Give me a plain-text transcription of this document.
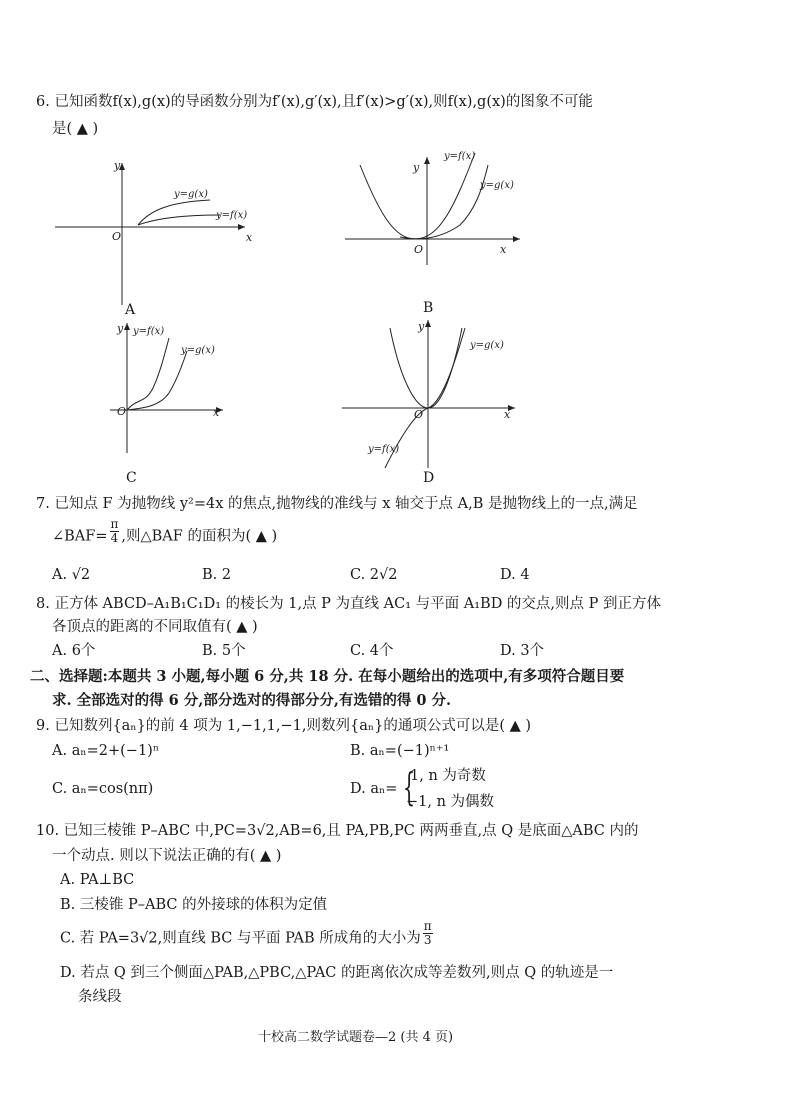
6. 已知函数f(x),g(x)的导函数分别为f′(x),g′(x),且f′(x)>g′(x),则f(x),g(x)的图象不可能
是( ▲ )
y
x
O
y=g(x)
y=f(x)
A
y
x
O
y=f(x)
y=g(x)
B
y
x
O
y=f(x)
y=g(x)
C
y
x
O
y=g(x)
y=f(x)
D
7. 已知点 F 为抛物线 y²=4x 的焦点,抛物线的准线与 x 轴交于点 A,B 是抛物线上的一点,满足
∠BAF= $\frac{\pi}{4}$ ,则△BAF 的面积为( ▲ )
A. √2	B. 2	C. 2√2	D. 4
8. 正方体 ABCD–A₁B₁C₁D₁ 的棱长为 1,点 P 为直线 AC₁ 与平面 A₁BD 的交点,则点 P 到正方体
各顶点的距离的不同取值有( ▲ )
A. 6个	B. 5个	C. 4个	D. 3个
二、选择题:本题共 3 小题,每小题 6 分,共 18 分. 在每小题给出的选项中,有多项符合题目要
求. 全部选对的得 6 分,部分选对的得部分分,有选错的得 0 分.
9. 已知数列{aₙ}的前 4 项为 1,−1,1,−1,则数列{aₙ}的通项公式可以是( ▲ )
A. aₙ=2+(−1)ⁿ	B. aₙ=(−1)ⁿ⁺¹
C. aₙ=cos(nπ)	D. aₙ= {
1, n 为奇数
−1, n 为偶数
10. 已知三棱锥 P–ABC 中,PC=3√2,AB=6,且 PA,PB,PC 两两垂直,点 Q 是底面△ABC 内的
一个动点. 则以下说法正确的有( ▲ )
A. PA⊥BC
B. 三棱锥 P–ABC 的外接球的体积为定值
C. 若 PA=3√2,则直线 BC 与平面 PAB 所成角的大小为 $\frac{\pi}{3}$
D. 若点 Q 到三个侧面△PAB,△PBC,△PAC 的距离依次成等差数列,则点 Q 的轨迹是一
条线段
十校高二数学试题卷—2 (共 4 页)
